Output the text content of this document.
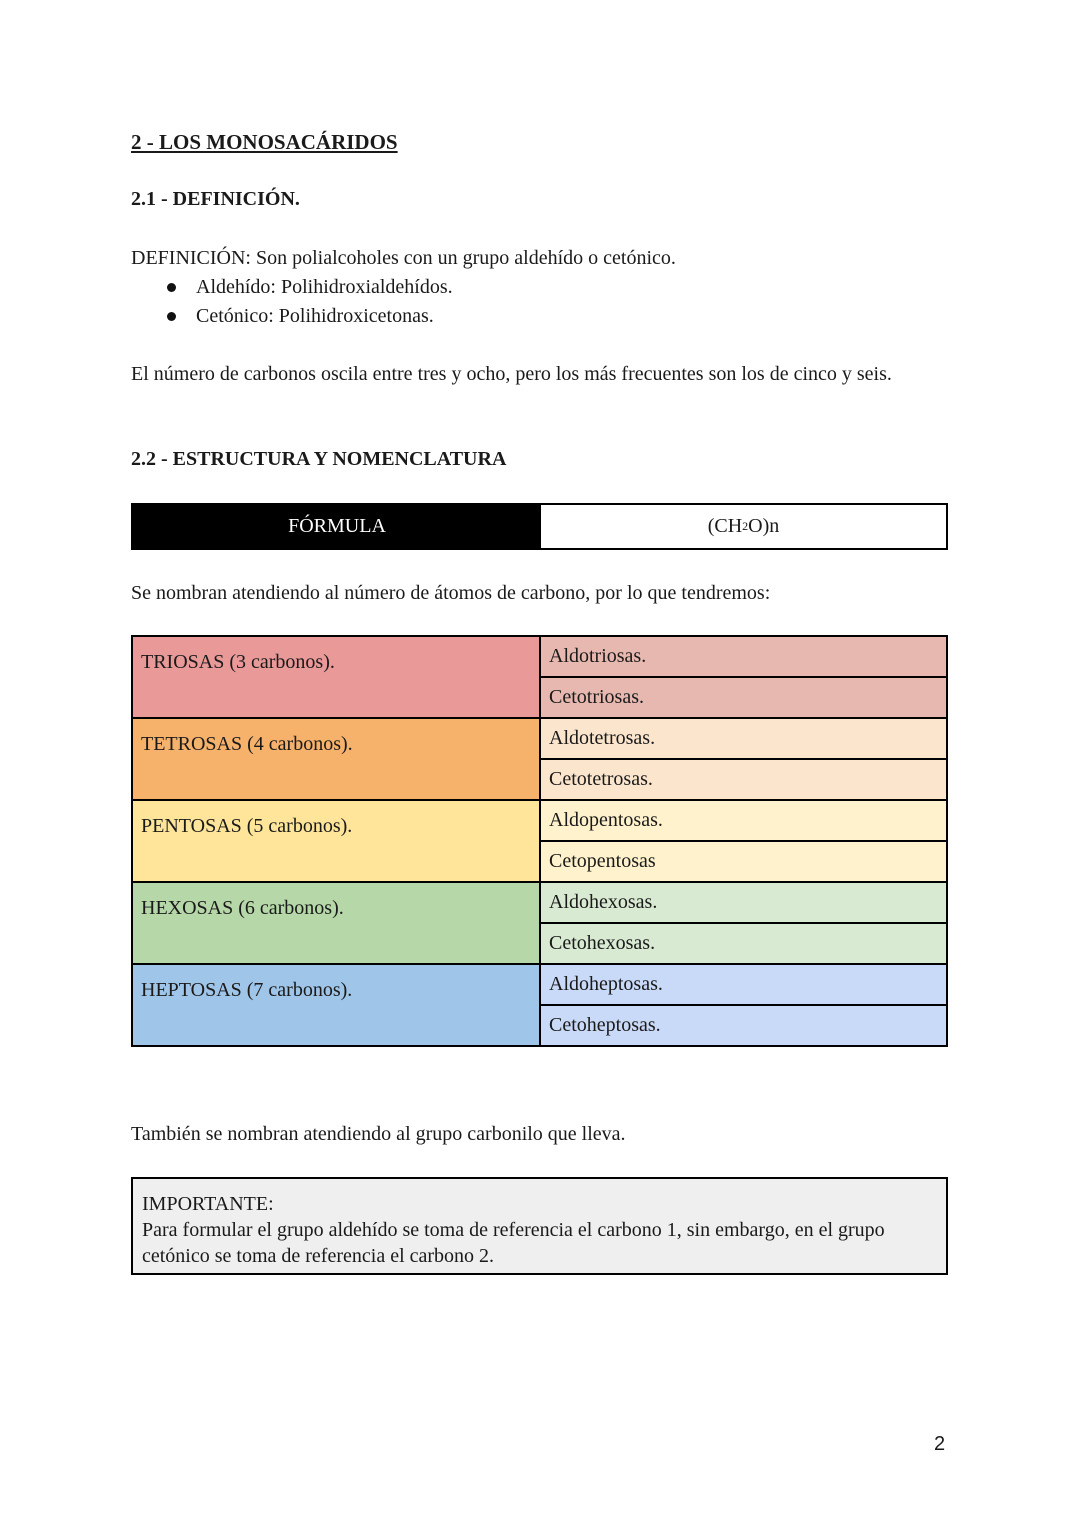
2 - LOS MONOSACÁRIDOS
2.1 - DEFINICIÓN.

DEFINICIÓN: Son polialcoholes con un grupo aldehído o cetónico.

Aldehído: Polihidroxialdehídos.
Cetónico: Polihidroxicetonas.

El número de carbonos oscila entre tres y ocho, pero los más frecuentes son los de cinco y seis.

2.2 - ESTRUCTURA Y NOMENCLATURA
FÓRMULA	(CH 2 O)n

Se nombran atendiendo al número de átomos de carbono, por lo que tendremos:

TRIOSAS (3 carbonos).	Aldotriosas.
	Cetotriosas.
TETROSAS (4 carbonos).	Aldotetrosas.
	Cetotetrosas.
PENTOSAS (5 carbonos).	Aldopentosas.
	Cetopentosas
HEXOSAS (6 carbonos).	Aldohexosas.
	Cetohexosas.
HEPTOSAS (7 carbonos).	Aldoheptosas.
	Cetoheptosas.

También se nombran atendiendo al grupo carbonilo que lleva.

IMPORTANTE:
Para formular el grupo aldehído se toma de referencia el carbono 1, sin embargo, en el grupo cetónico se toma de referencia el carbono 2.
2
